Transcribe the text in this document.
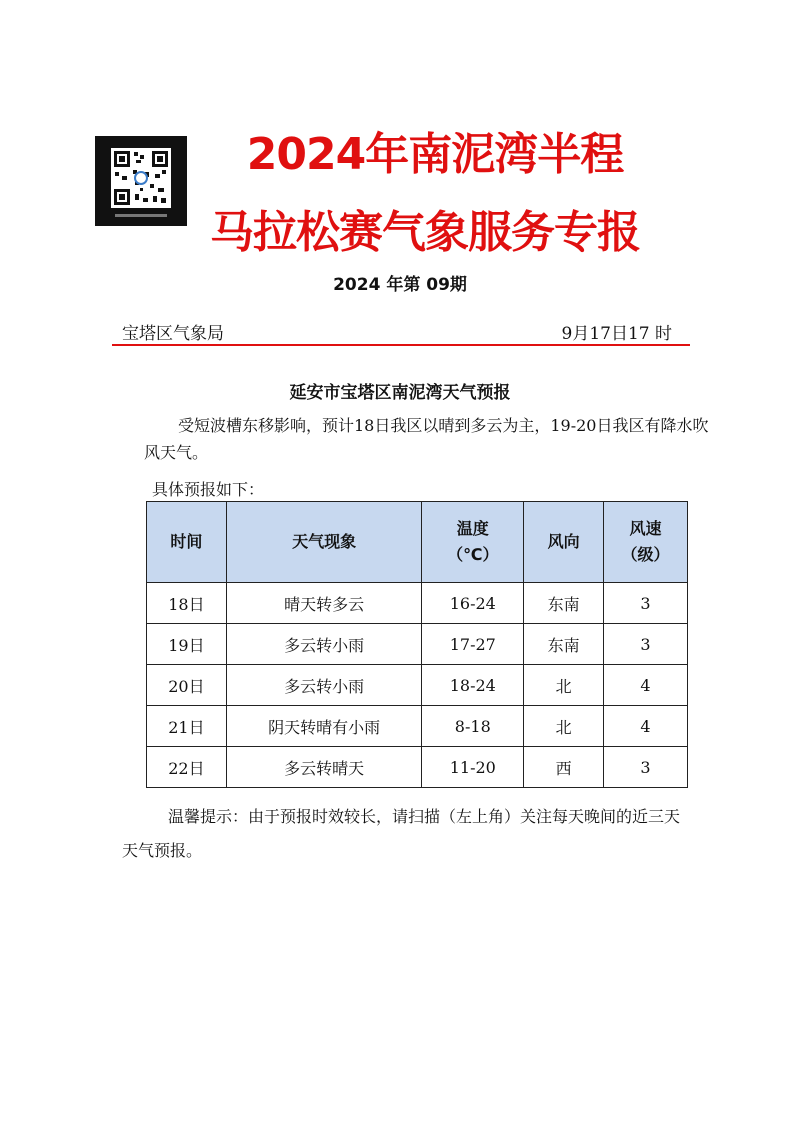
2024年南泥湾半程
马拉松赛气象服务专报
2024 年第 09期
宝塔区气象局	9月17日17 时
延安市宝塔区南泥湾天气预报
受短波槽东移影响，预计18日我区以晴到多云为主，19-20日我区有降水吹风天气。
具体预报如下：
时间	天气现象	温度（℃）	风向	风速（级）
18日	晴天转多云	16-24	东南	3
19日	多云转小雨	17-27	东南	3
20日	多云转小雨	18-24	北	4
21日	阴天转晴有小雨	8-18	北	4
22日	多云转晴天	11-20	西	3
温馨提示：由于预报时效较长，请扫描（左上角）关注每天晚间的近三天天气预报。
